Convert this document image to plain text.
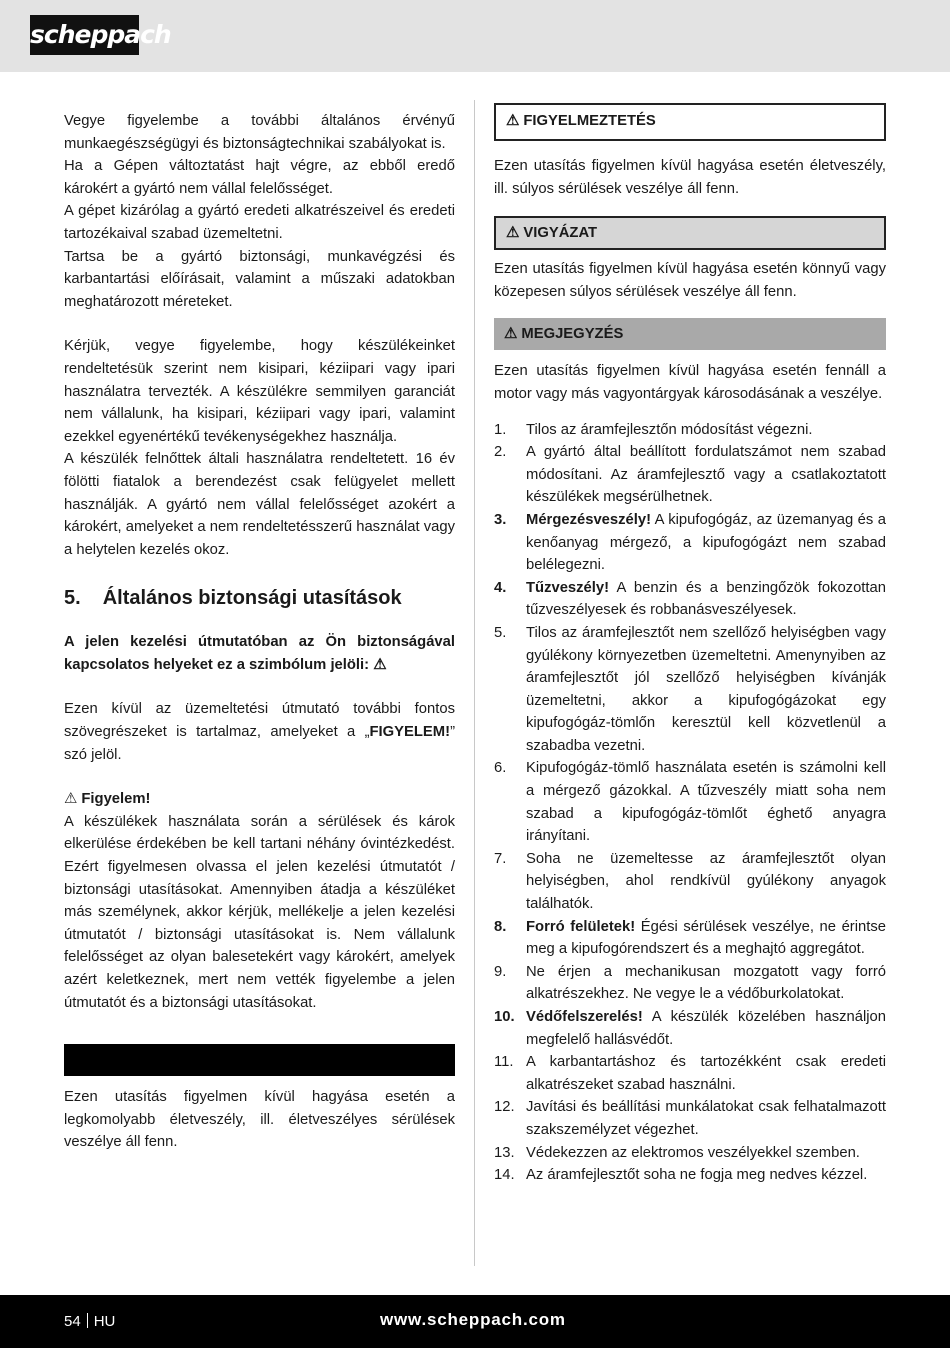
scheppach

Vegye figyelembe a további általános érvényű munkaegészségügyi és biztonságtechnikai szabályokat is.

Ha a Gépen változtatást hajt végre, az ebből eredő károkért a gyártó nem vállal felelősséget.

A gépet kizárólag a gyártó eredeti alkatrészeivel és eredeti tartozékaival szabad üzemeltetni.

Tartsa be a gyártó biztonsági, munkavégzési és karbantartási előírásait, valamint a műszaki adatokban meghatározott méreteket.

Kérjük, vegye figyelembe, hogy készülékeinket rendeltetésük szerint nem kisipari, kéziipari vagy ipari használatra tervezték. A készülékre semmilyen garanciát nem vállalunk, ha kisipari, kéziipari vagy ipari, valamint ezekkel egyenértékű tevékenységekhez használja.

A készülék felnőttek általi használatra rendeltetett. 16 év fölötti fiatalok a berendezést csak felügyelet mellett használják. A gyártó nem vállal felelősséget azokért a károkért, amelyeket a nem rendeltetésszerű használat vagy a helytelen kezelés okoz.

5. Általános biztonsági utasítások

A jelen kezelési útmutatóban az Ön biztonságával kapcsolatos helyeket ez a szimbólum jelöli: ⚠

Ezen kívül az üzemeltetési útmutató további fontos szövegrészeket is tartalmaz, amelyeket a „FIGYELEM!” szó jelöl.

⚠ Figyelem!

A készülékek használata során a sérülések és károk elkerülése érdekében be kell tartani néhány óvintézkedést. Ezért figyelmesen olvassa el jelen kezelési útmutatót / biztonsági utasításokat. Amennyiben átadja a készüléket más személynek, akkor kérjük, mellékelje a jelen kezelési útmutatót / biztonsági utasításokat is. Nem vállalunk felelősséget az olyan balesetekért vagy károkért, amelyek azért keletkeznek, mert nem vették figyelembe a jelen útmutatót és a biztonsági utasításokat.

Ezen utasítás figyelmen kívül hagyása esetén a legkomolyabb életveszély, ill. életveszélyes sérülések veszélye áll fenn.

⚠ FIGYELMEZTETÉS

Ezen utasítás figyelmen kívül hagyása esetén életveszély, ill. súlyos sérülések veszélye áll fenn.

⚠ VIGYÁZAT

Ezen utasítás figyelmen kívül hagyása esetén könnyű vagy közepesen súlyos sérülések veszélye áll fenn.

⚠ MEGJEGYZÉS

Ezen utasítás figyelmen kívül hagyása esetén fennáll a motor vagy más vagyontárgyak károsodásának a veszélye.

1.	Tilos az áramfejlesztőn módosítást végezni.
2.	A gyártó által beállított fordulatszámot nem szabad módosítani. Az áramfejlesztő vagy a csatlakoztatott készülékek megsérülhetnek.
3.	Mérgezésveszély! A kipufogógáz, az üzemanyag és a kenőanyag mérgező, a kipufogógázt nem szabad belélegezni.
4.	Tűzveszély! A benzin és a benzingőzök fokozottan tűzveszélyesek és robbanásveszélyesek.
5.	Tilos az áramfejlesztőt nem szellőző helyiségben vagy gyúlékony környezetben üzemeltetni. Amenynyiben az áramfejlesztőt jól szellőző helyiségben kívánják üzemeltetni, akkor a kipufogógázokat egy kipufogógáz-tömlőn keresztül kell közvetlenül a szabadba vezetni.
6.	Kipufogógáz-tömlő használata esetén is számolni kell a mérgező gázokkal. A tűzveszély miatt soha nem szabad a kipufogógáz-tömlőt éghető anyagra irányítani.
7.	Soha ne üzemeltesse az áramfejlesztőt olyan helyiségben, ahol rendkívül gyúlékony anyagok találhatók.
8.	Forró felületek! Égési sérülések veszélye, ne érintse meg a kipufogórendszert és a meghajtó aggregátot.
9.	Ne érjen a mechanikusan mozgatott vagy forró alkatrészekhez. Ne vegye le a védőburkolatokat.
10. Védőfelszerelés! A készülék közelében használjon megfelelő hallásvédőt.
11. A karbantartáshoz és tartozékként csak eredeti alkatrészeket szabad használni.
12. Javítási és beállítási munkálatokat csak felhatalmazott szakszemélyzet végezhet.
13. Védekezzen az elektromos veszélyekkel szemben.
14. Az áramfejlesztőt soha ne fogja meg nedves kézzel.
54 HU	www.scheppach.com
